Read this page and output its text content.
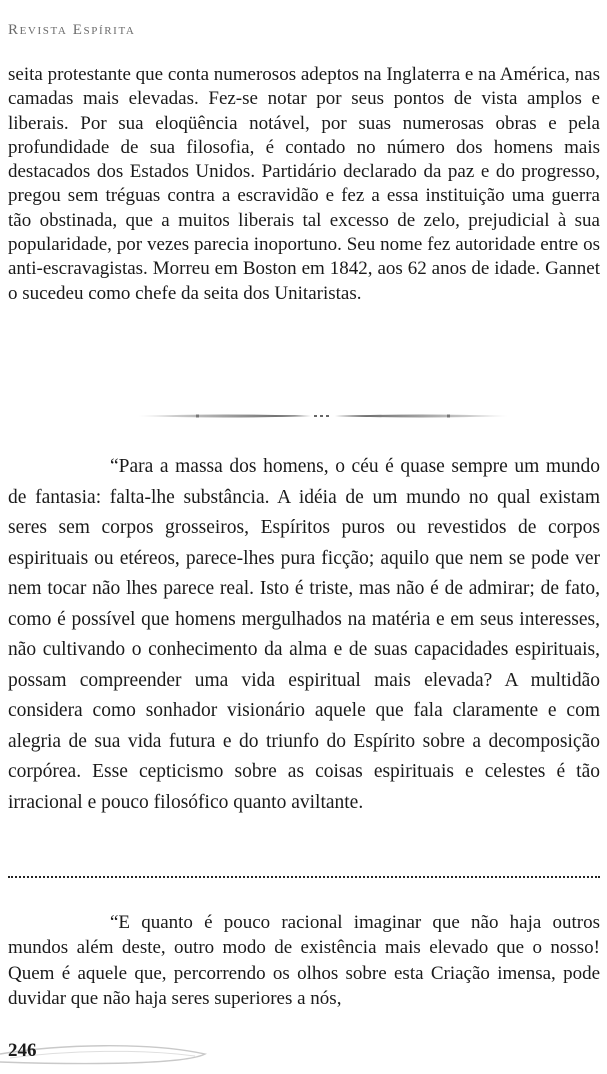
Revista Espírita

seita protestante que conta numerosos adeptos na Inglaterra e na América, nas camadas mais elevadas. Fez-se notar por seus pontos de vista amplos e liberais. Por sua eloqüência notável, por suas numerosas obras e pela profundidade de sua filosofia, é contado no número dos homens mais destacados dos Estados Unidos. Partidário declarado da paz e do progresso, pregou sem tréguas contra a escravidão e fez a essa instituição uma guerra tão obstinada, que a muitos liberais tal excesso de zelo, prejudicial à sua popularidade, por vezes parecia inoportuno. Seu nome fez autoridade entre os anti-escravagistas. Morreu em Boston em 1842, aos 62 anos de idade. Gannet o sucedeu como chefe da seita dos Unitaristas.

“Para a massa dos homens, o céu é quase sempre um mundo de fantasia: falta-lhe substância. A idéia de um mundo no qual existam seres sem corpos grosseiros, Espíritos puros ou revestidos de corpos espirituais ou etéreos, parece-lhes pura ficção; aquilo que nem se pode ver nem tocar não lhes parece real. Isto é triste, mas não é de admirar; de fato, como é possível que homens mergulhados na matéria e em seus interesses, não cultivando o conhecimento da alma e de suas capacidades espirituais, possam compreender uma vida espiritual mais elevada? A multidão considera como sonhador visionário aquele que fala claramente e com alegria de sua vida futura e do triunfo do Espírito sobre a decomposição corpórea. Esse cepticismo sobre as coisas espirituais e celestes é tão irracional e pouco filosófico quanto aviltante.

“E quanto é pouco racional imaginar que não haja outros mundos além deste, outro modo de existência mais elevado que o nosso! Quem é aquele que, percorrendo os olhos sobre esta Criação imensa, pode duvidar que não haja seres superiores a nós,

246
